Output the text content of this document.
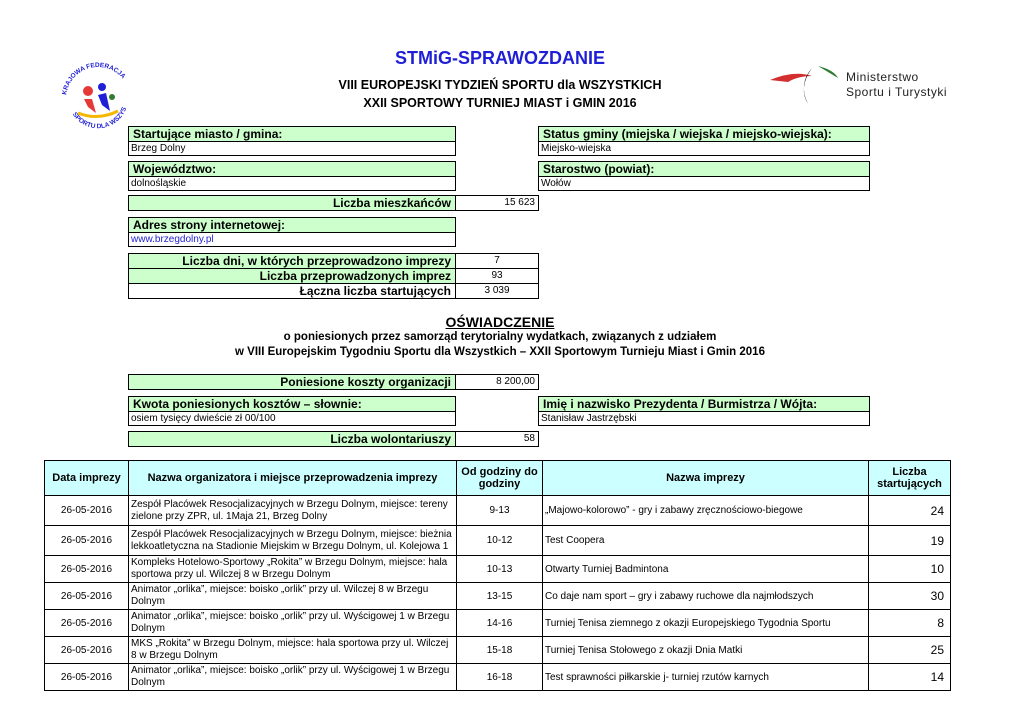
KRAJOWA FEDERACJA
SPORTU DLA WSZYS
Ministerstwo
Sportu i Turystyki
STMiG-SPRAWOZDANIE
VIII EUROPEJSKI TYDZIEŃ SPORTU dla WSZYSTKICH
XXII SPORTOWY TURNIEJ MIAST i GMIN 2016
Startujące miasto / gmina:
Brzeg Dolny
Status gminy (miejska / wiejska / miejsko-wiejska):
Miejsko-wiejska
Województwo:
dolnośląskie
Starostwo (powiat):
Wołów
Liczba mieszkańców	15 623
Adres strony internetowej:
www.brzegdolny.pl
Liczba dni, w których przeprowadzono imprezy	7
Liczba przeprowadzonych imprez	93
Łączna liczba startujących	3 039
OŚWIADCZENIE
o poniesionych przez samorząd terytorialny wydatkach, związanych z udziałem
w VIII Europejskim Tygodniu Sportu dla Wszystkich – XXII Sportowym Turnieju Miast i Gmin 2016
Poniesione koszty organizacji	8 200,00
Kwota poniesionych kosztów – słownie:
osiem tysięcy dwieście zł 00/100
Imię i nazwisko Prezydenta / Burmistrza / Wójta:
Stanisław Jastrzębski
Liczba wolontariuszy	58
Data imprezy	Nazwa organizatora i miejsce przeprowadzenia imprezy	Od godziny do godziny	Nazwa imprezy	Liczba startujących
26-05-2016	Zespół Placówek Resocjalizacyjnych w Brzegu Dolnym, miejsce: tereny zielone przy ZPR, ul. 1Maja 21, Brzeg Dolny	9-13	„Majowo-kolorowo” - gry i zabawy zręcznościowo-biegowe	24
26-05-2016	Zespół Placówek Resocjalizacyjnych w Brzegu Dolnym, miejsce: bieżnia lekkoatletyczna na Stadionie Miejskim w Brzegu Dolnym, ul. Kolejowa 1	10-12	Test Coopera	19
26-05-2016	Kompleks Hotelowo-Sportowy „Rokita” w Brzegu Dolnym, miejsce: hala sportowa przy ul. Wilczej 8 w Brzegu Dolnym	10-13	Otwarty Turniej Badmintona	10
26-05-2016	Animator „orlika”, miejsce: boisko „orlik” przy ul. Wilczej 8 w Brzegu Dolnym	13-15	Co daje nam sport – gry i zabawy ruchowe dla najmłodszych	30
26-05-2016	Animator „orlika”, miejsce: boisko „orlik” przy ul. Wyścigowej 1 w Brzegu Dolnym	14-16	Turniej Tenisa ziemnego z okazji Europejskiego Tygodnia Sportu	8
26-05-2016	MKS „Rokita” w Brzegu Dolnym, miejsce: hala sportowa przy ul. Wilczej 8 w Brzegu Dolnym	15-18	Turniej Tenisa Stołowego z okazji Dnia Matki	25
26-05-2016	Animator „orlika”, miejsce: boisko „orlik” przy ul. Wyścigowej 1 w Brzegu Dolnym	16-18	Test sprawności piłkarskie j- turniej rzutów karnych	14
